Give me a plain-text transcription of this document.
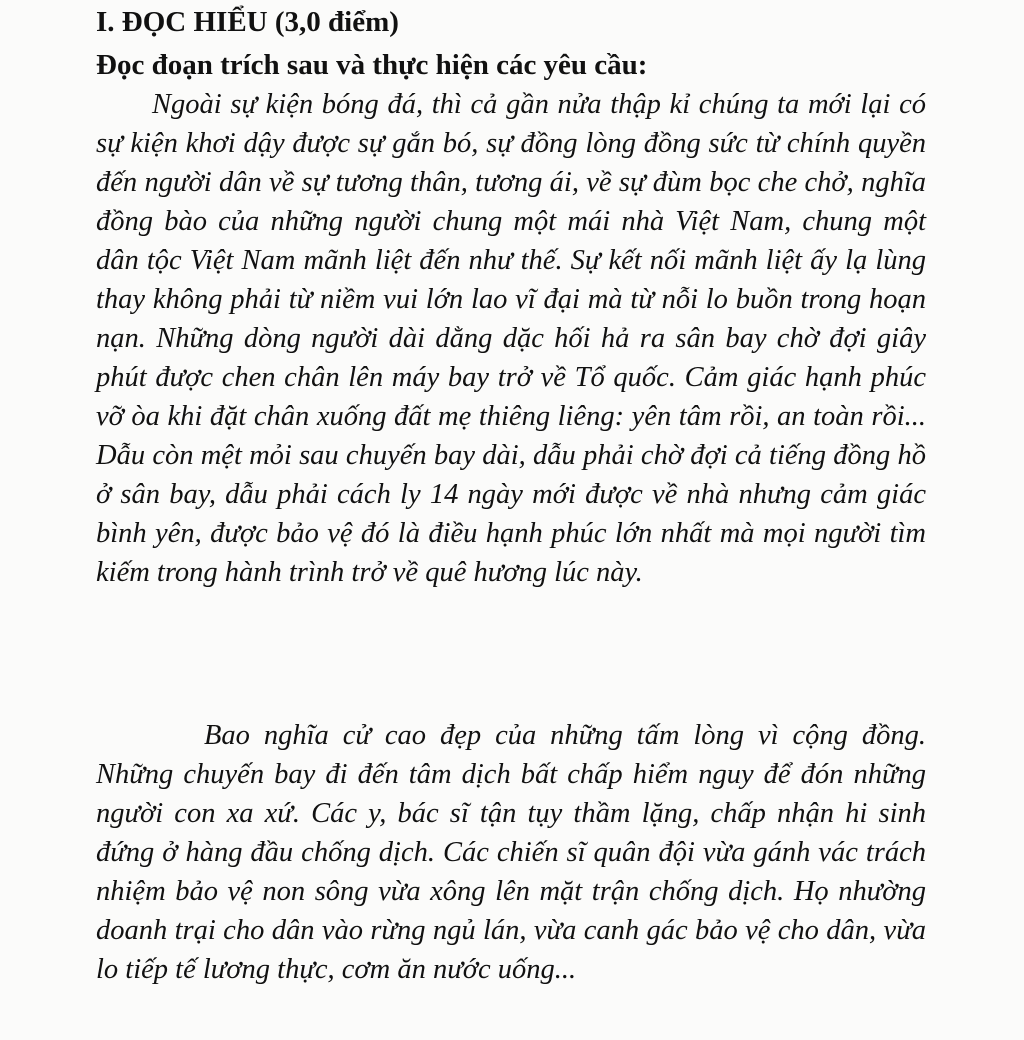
I. ĐỌC HIỂU (3,0 điểm)
Đọc đoạn trích sau và thực hiện các yêu cầu:

Ngoài sự kiện bóng đá, thì cả gần nửa thập kỉ chúng ta mới lại có sự kiện khơi dậy được sự gắn bó, sự đồng lòng đồng sức từ chính quyền đến người dân về sự tương thân, tương ái, về sự đùm bọc che chở, nghĩa đồng bào của những người chung một mái nhà Việt Nam, chung một dân tộc Việt Nam mãnh liệt đến như thế. Sự kết nối mãnh liệt ấy lạ lùng thay không phải từ niềm vui lớn lao vĩ đại mà từ nỗi lo buồn trong hoạn nạn. Những dòng người dài dằng dặc hối hả ra sân bay chờ đợi giây phút được chen chân lên máy bay trở về Tổ quốc. Cảm giác hạnh phúc vỡ òa khi đặt chân xuống đất mẹ thiêng liêng: yên tâm rồi, an toàn rồi... Dẫu còn mệt mỏi sau chuyến bay dài, dẫu phải chờ đợi cả tiếng đồng hồ ở sân bay, dẫu phải cách ly 14 ngày mới được về nhà nhưng cảm giác bình yên, được bảo vệ đó là điều hạnh phúc lớn nhất mà mọi người tìm kiếm trong hành trình trở về quê hương lúc này.

Bao nghĩa cử cao đẹp của những tấm lòng vì cộng đồng. Những chuyến bay đi đến tâm dịch bất chấp hiểm nguy để đón những người con xa xứ. Các y, bác sĩ tận tụy thầm lặng, chấp nhận hi sinh đứng ở hàng đầu chống dịch. Các chiến sĩ quân đội vừa gánh vác trách nhiệm bảo vệ non sông vừa xông lên mặt trận chống dịch. Họ nhường doanh trại cho dân vào rừng ngủ lán, vừa canh gác bảo vệ cho dân, vừa lo tiếp tế lương thực, cơm ăn nước uống...
